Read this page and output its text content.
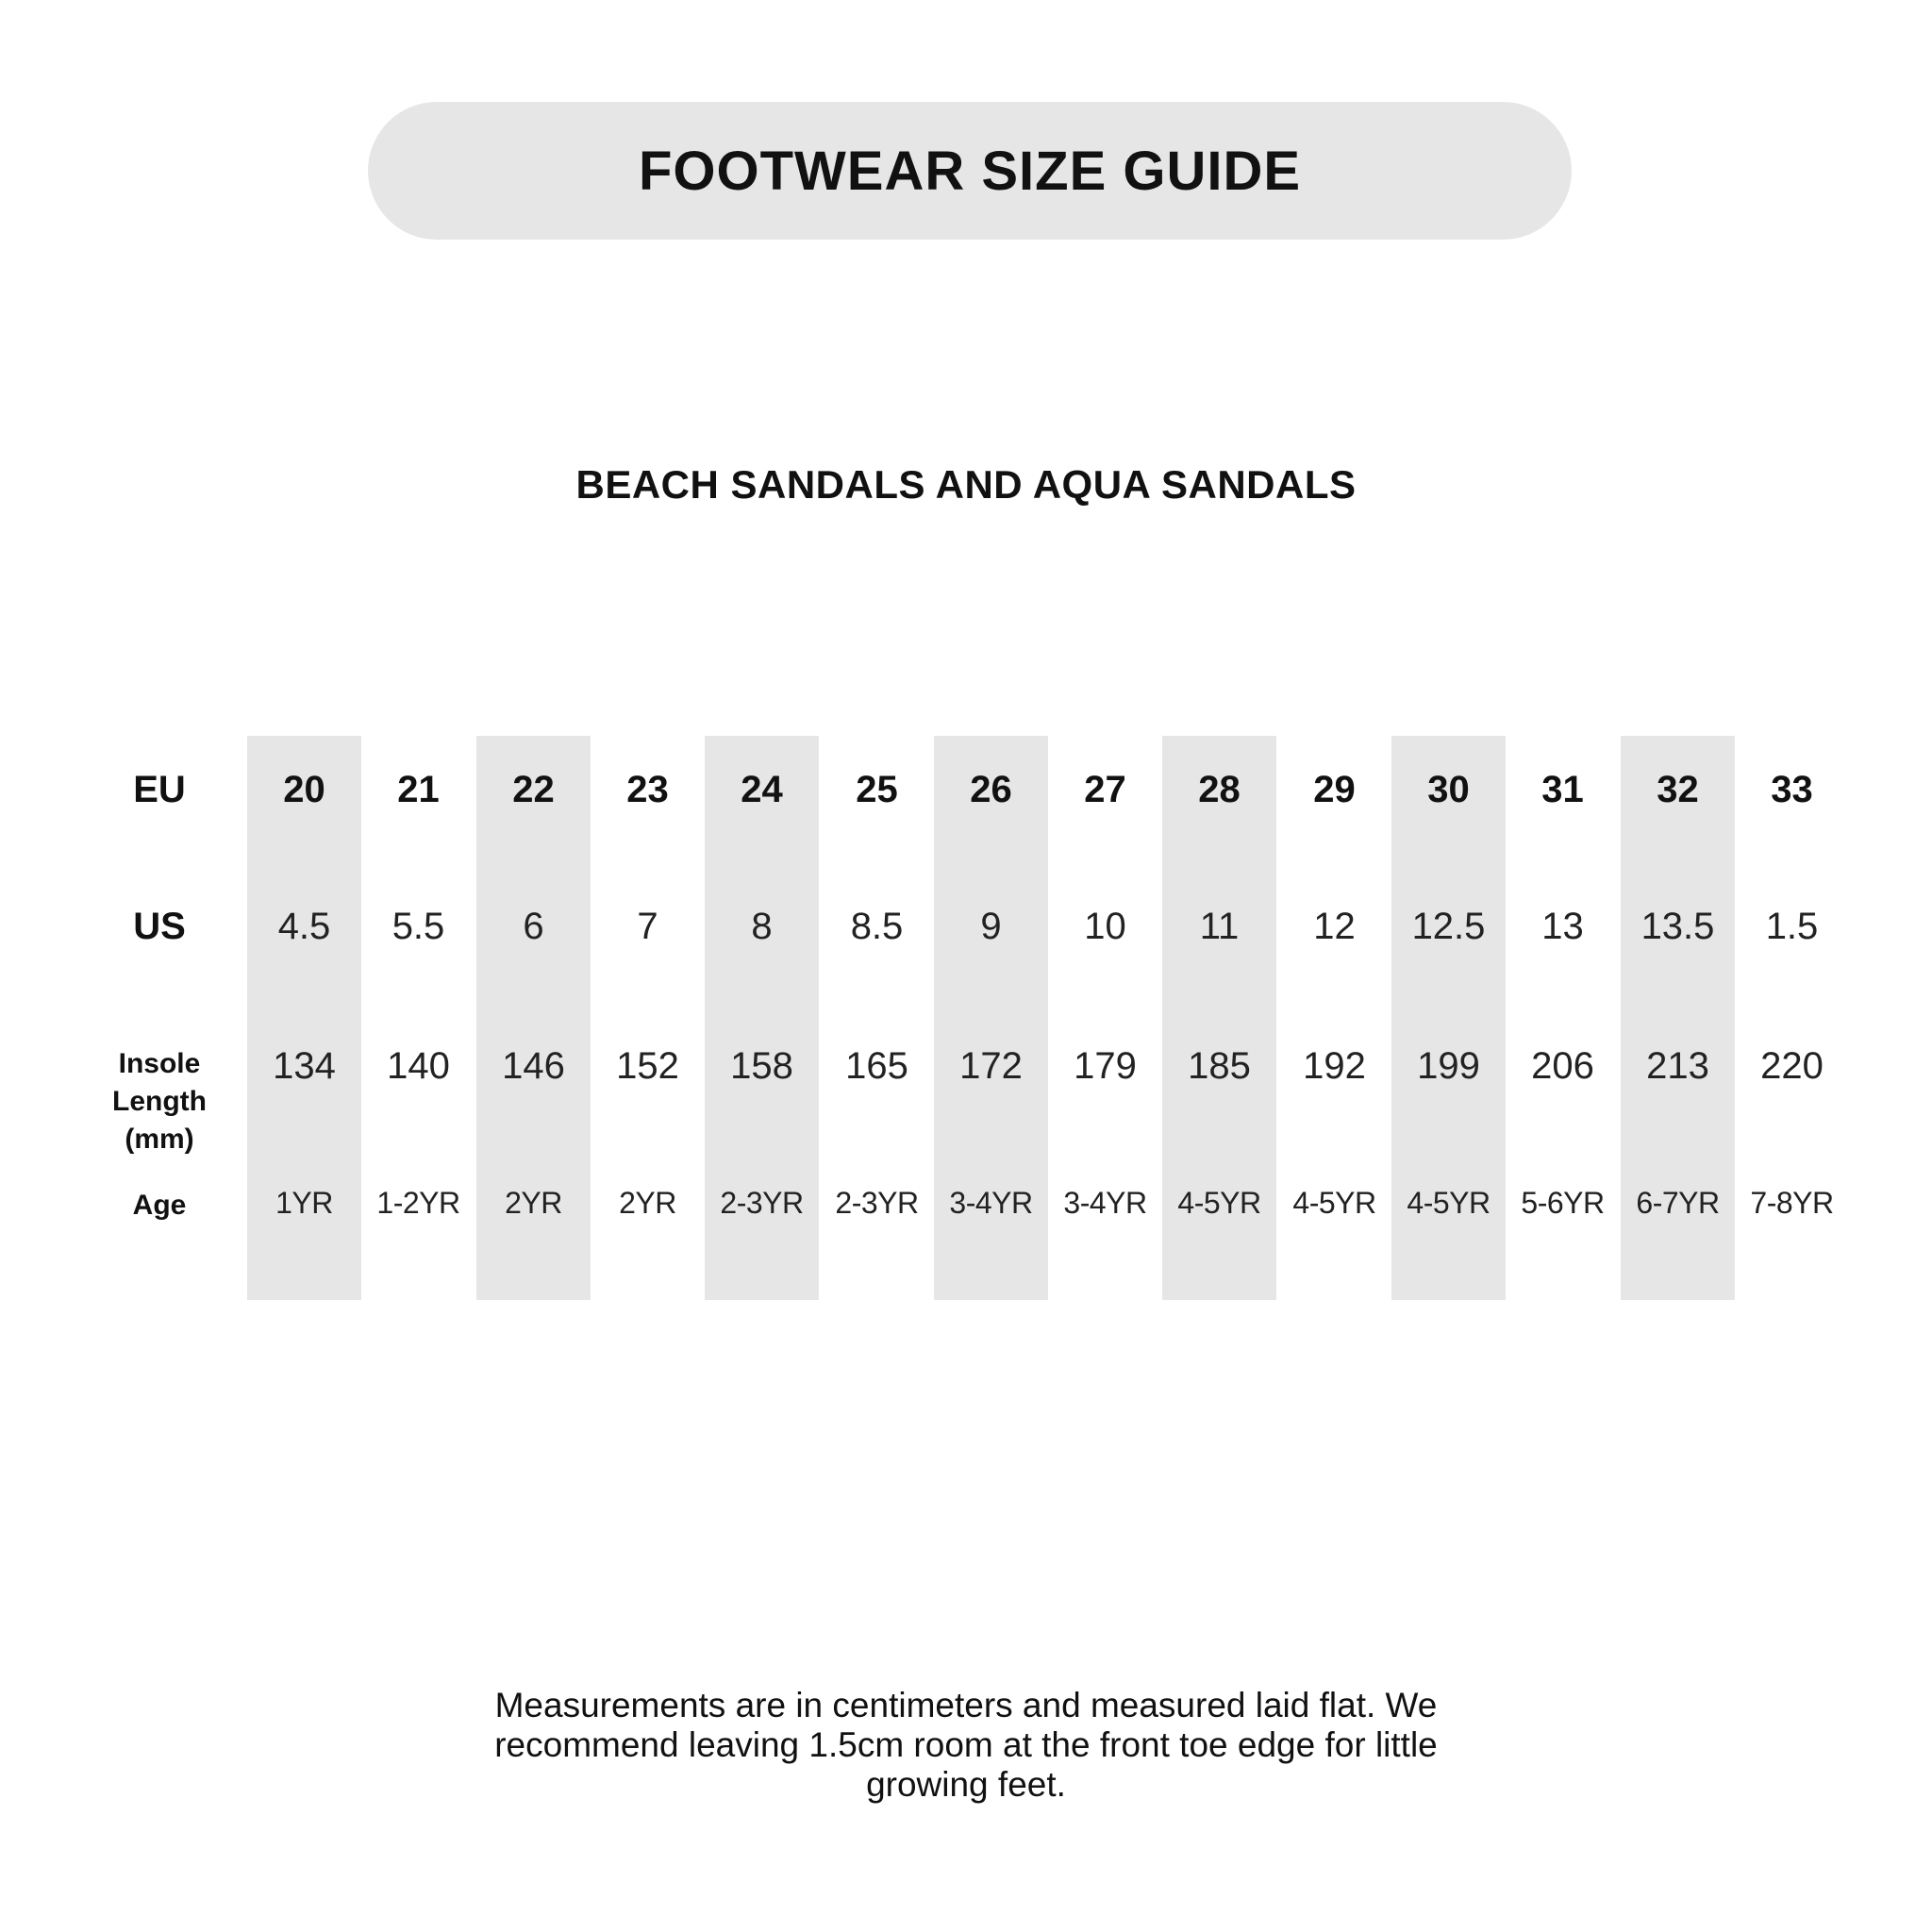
FOOTWEAR SIZE GUIDE
BEACH SANDALS AND AQUA SANDALS
EU
US
Insole
Length
(mm)
Age
20
4.5
134
1YR
21
5.5
140
1-2YR
22
6
146
2YR
23
7
152
2YR
24
8
158
2-3YR
25
8.5
165
2-3YR
26
9
172
3-4YR
27
10
179
3-4YR
28
11
185
4-5YR
29
12
192
4-5YR
30
12.5
199
4-5YR
31
13
206
5-6YR
32
13.5
213
6-7YR
33
1.5
220
7-8YR
Measurements are in centimeters and measured laid flat. We recommend leaving 1.5cm room at the front toe edge for little growing feet.
